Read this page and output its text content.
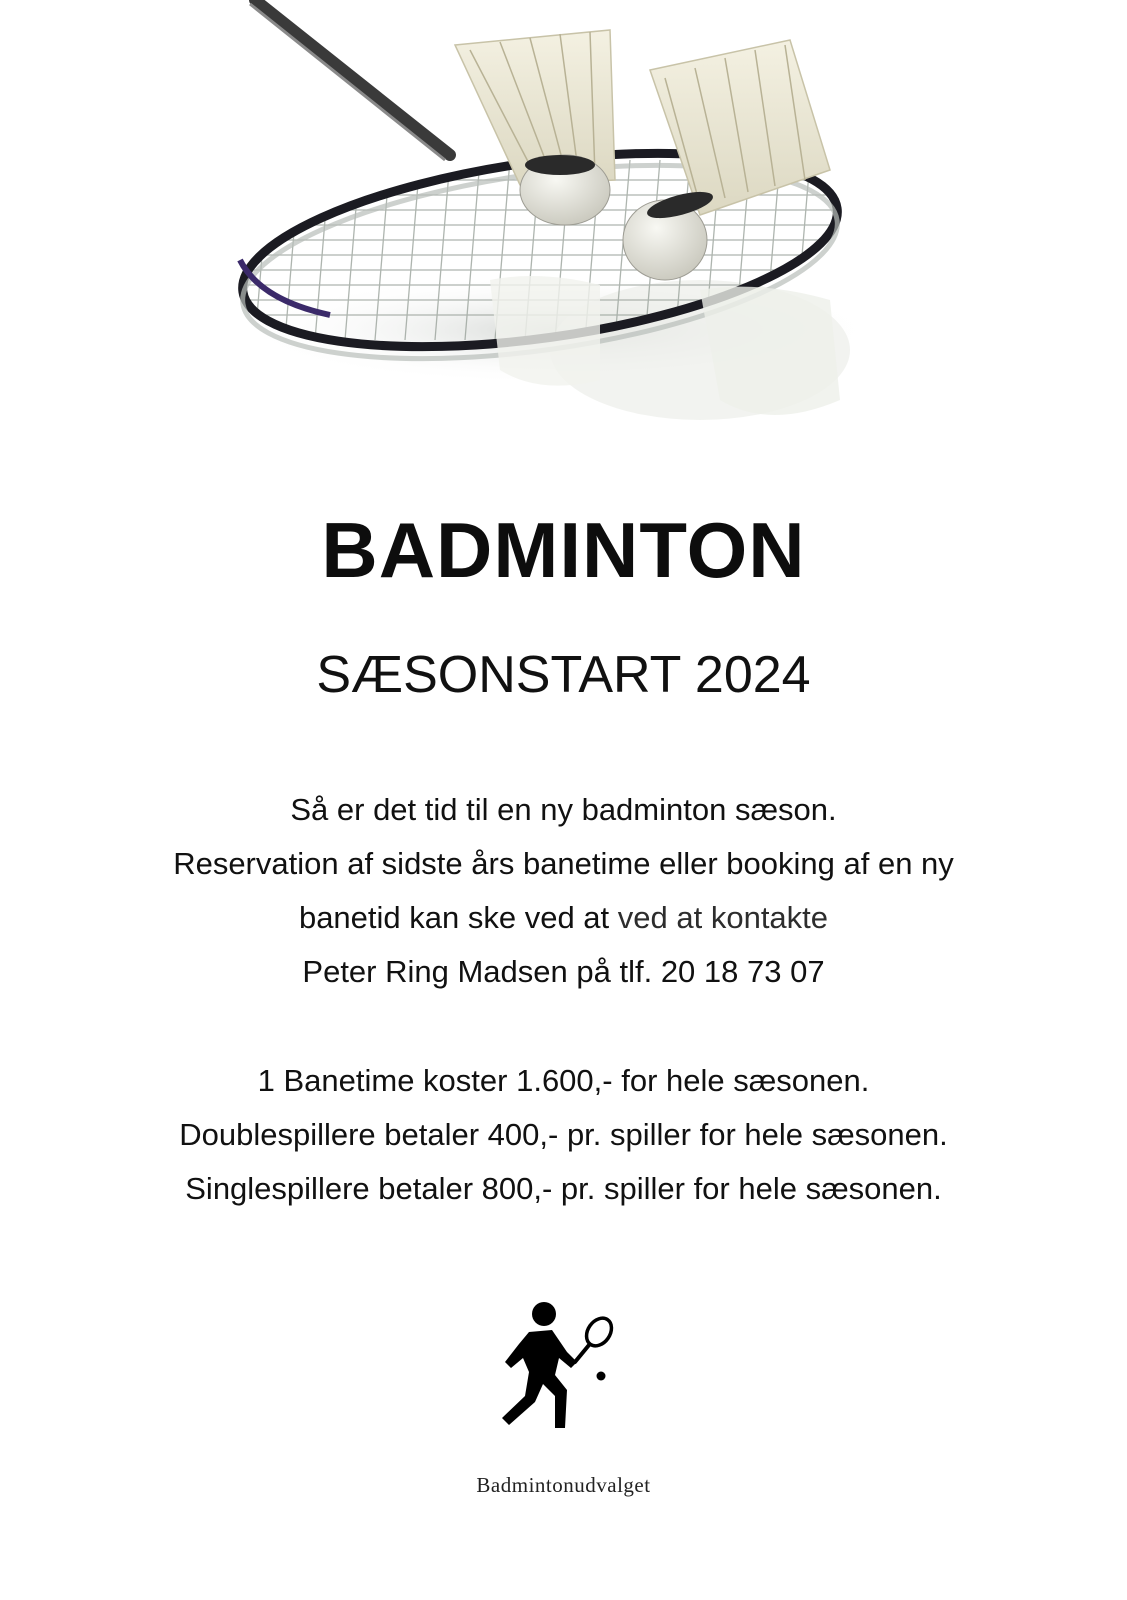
BADMINTON
SÆSONSTART 2024

Så er det tid til en ny badminton sæson.

Reservation af sidste års banetime eller booking af en ny

banetid kan ske ved at ved at kontakte

Peter Ring Madsen på tlf. 20 18 73 07

1 Banetime koster 1.600,- for hele sæsonen.

Doublespillere betaler 400,- pr. spiller for hele sæsonen.

Singlespillere betaler 800,- pr. spiller for hele sæsonen.

Badmintonudvalget
